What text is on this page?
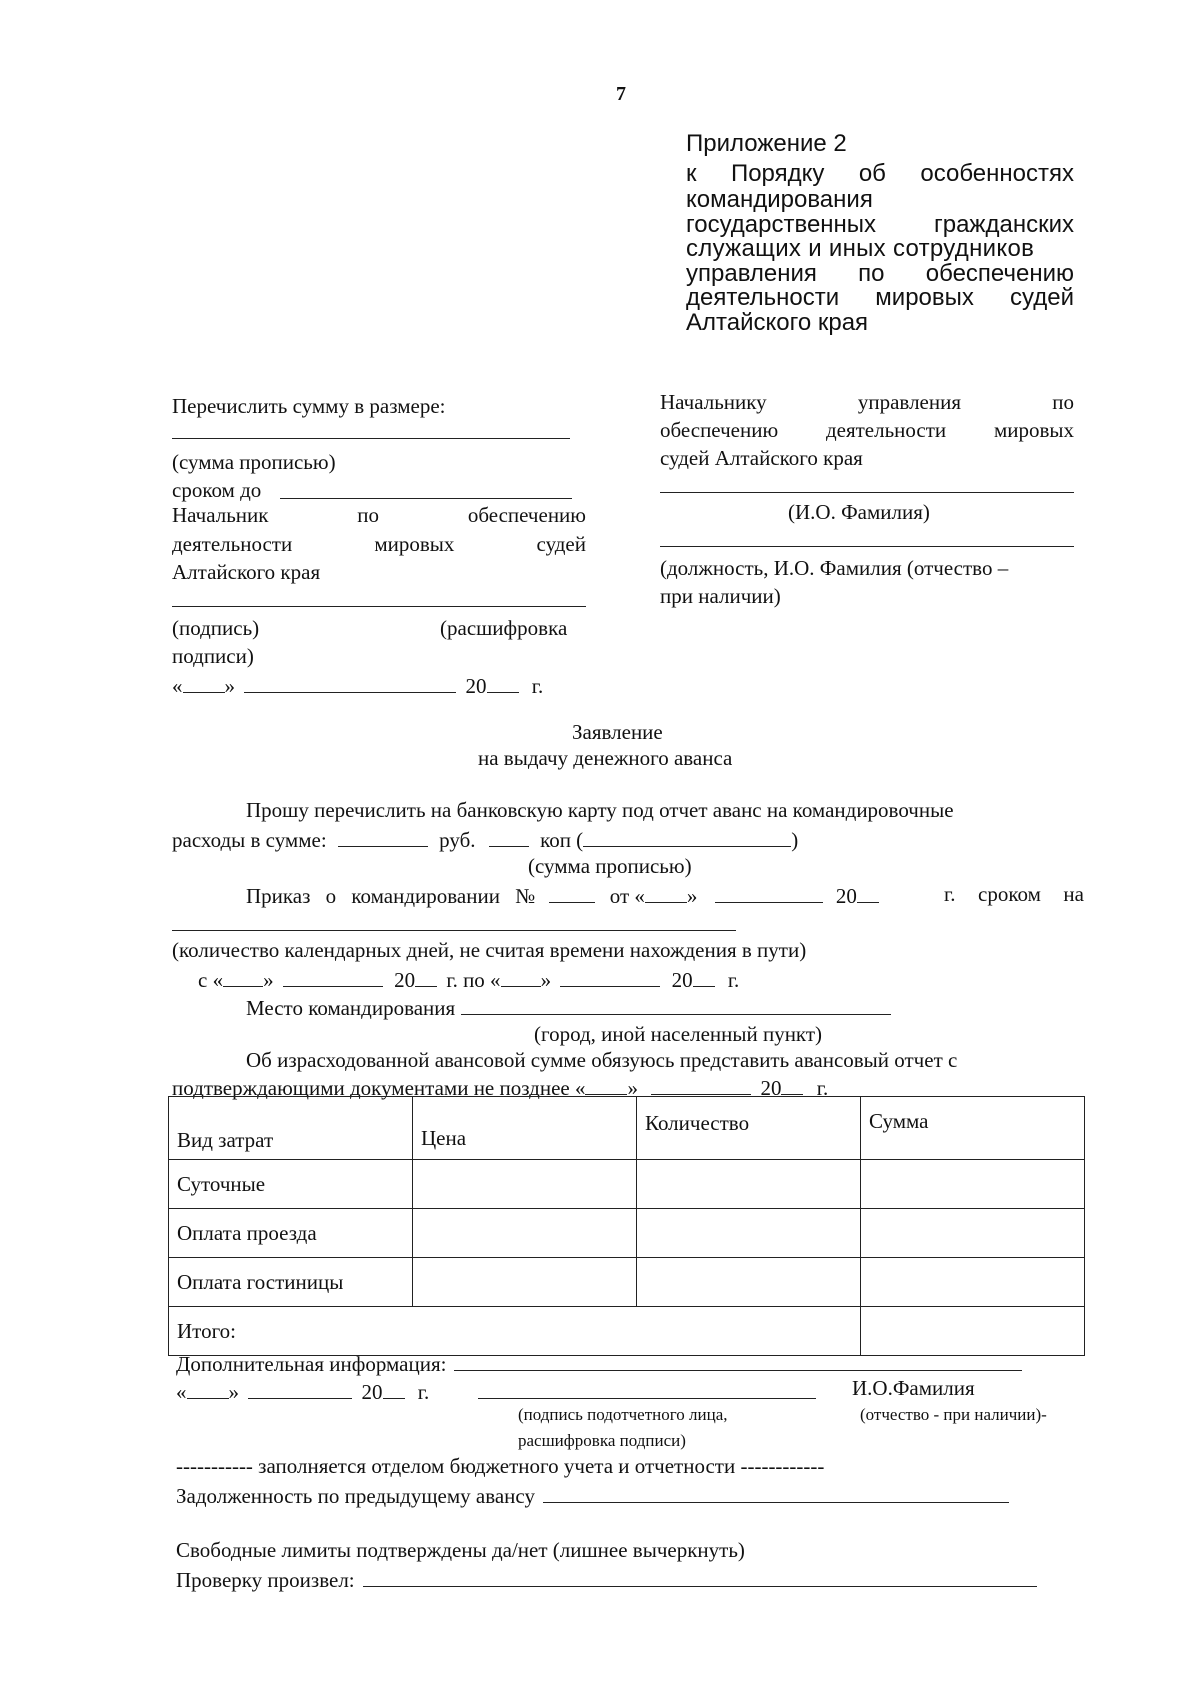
7
Приложение 2
к Порядку об особенностях
командирования
государственных гражданских
служащих и иных сотрудников
управления по обеспечению
деятельности мировых судей
Алтайского края
Перечислить сумму в размере:
(сумма прописью)
сроком до
Начальник	по	обеспечению
деятельности	мировых	судей
Алтайского края
(подпись)	(расшифровка
подписи)
« »	20 г.
Начальнику	управления	по
обеспечению деятельности мировых
судей Алтайского края
(И.О. Фамилия)
(должность, И.О. Фамилия (отчество –
при наличии)
Заявление
на выдачу денежного аванса
Прошу перечислить на банковскую карту под отчет аванс на командировочные
расходы в сумме:	руб.	коп (	)
(сумма прописью)
Приказ о командировании №	от « »	20	г. сроком на
(количество календарных дней, не считая времени нахождения в пути)
с « »	20 г. по « »	20 г.
Место командирования
(город, иной населенный пункт)
Об израсходованной авансовой сумме обязуюсь представить авансовый отчет с
подтверждающими документами не позднее « »	20 г.
Вид затрат	Цена	Количество	Сумма
Суточные			
Оплата проезда			
Оплата гостиницы			
Итого:			
Дополнительная информация:
« »	20 г.	И.О.Фамилия
(подпись подотчетного лица,	(отчество - при наличии)-
расшифровка подписи)
----------- заполняется отделом бюджетного учета и отчетности ------------
Задолженность по предыдущему авансу
Свободные лимиты подтверждены да/нет (лишнее вычеркнуть)
Проверку произвел:
